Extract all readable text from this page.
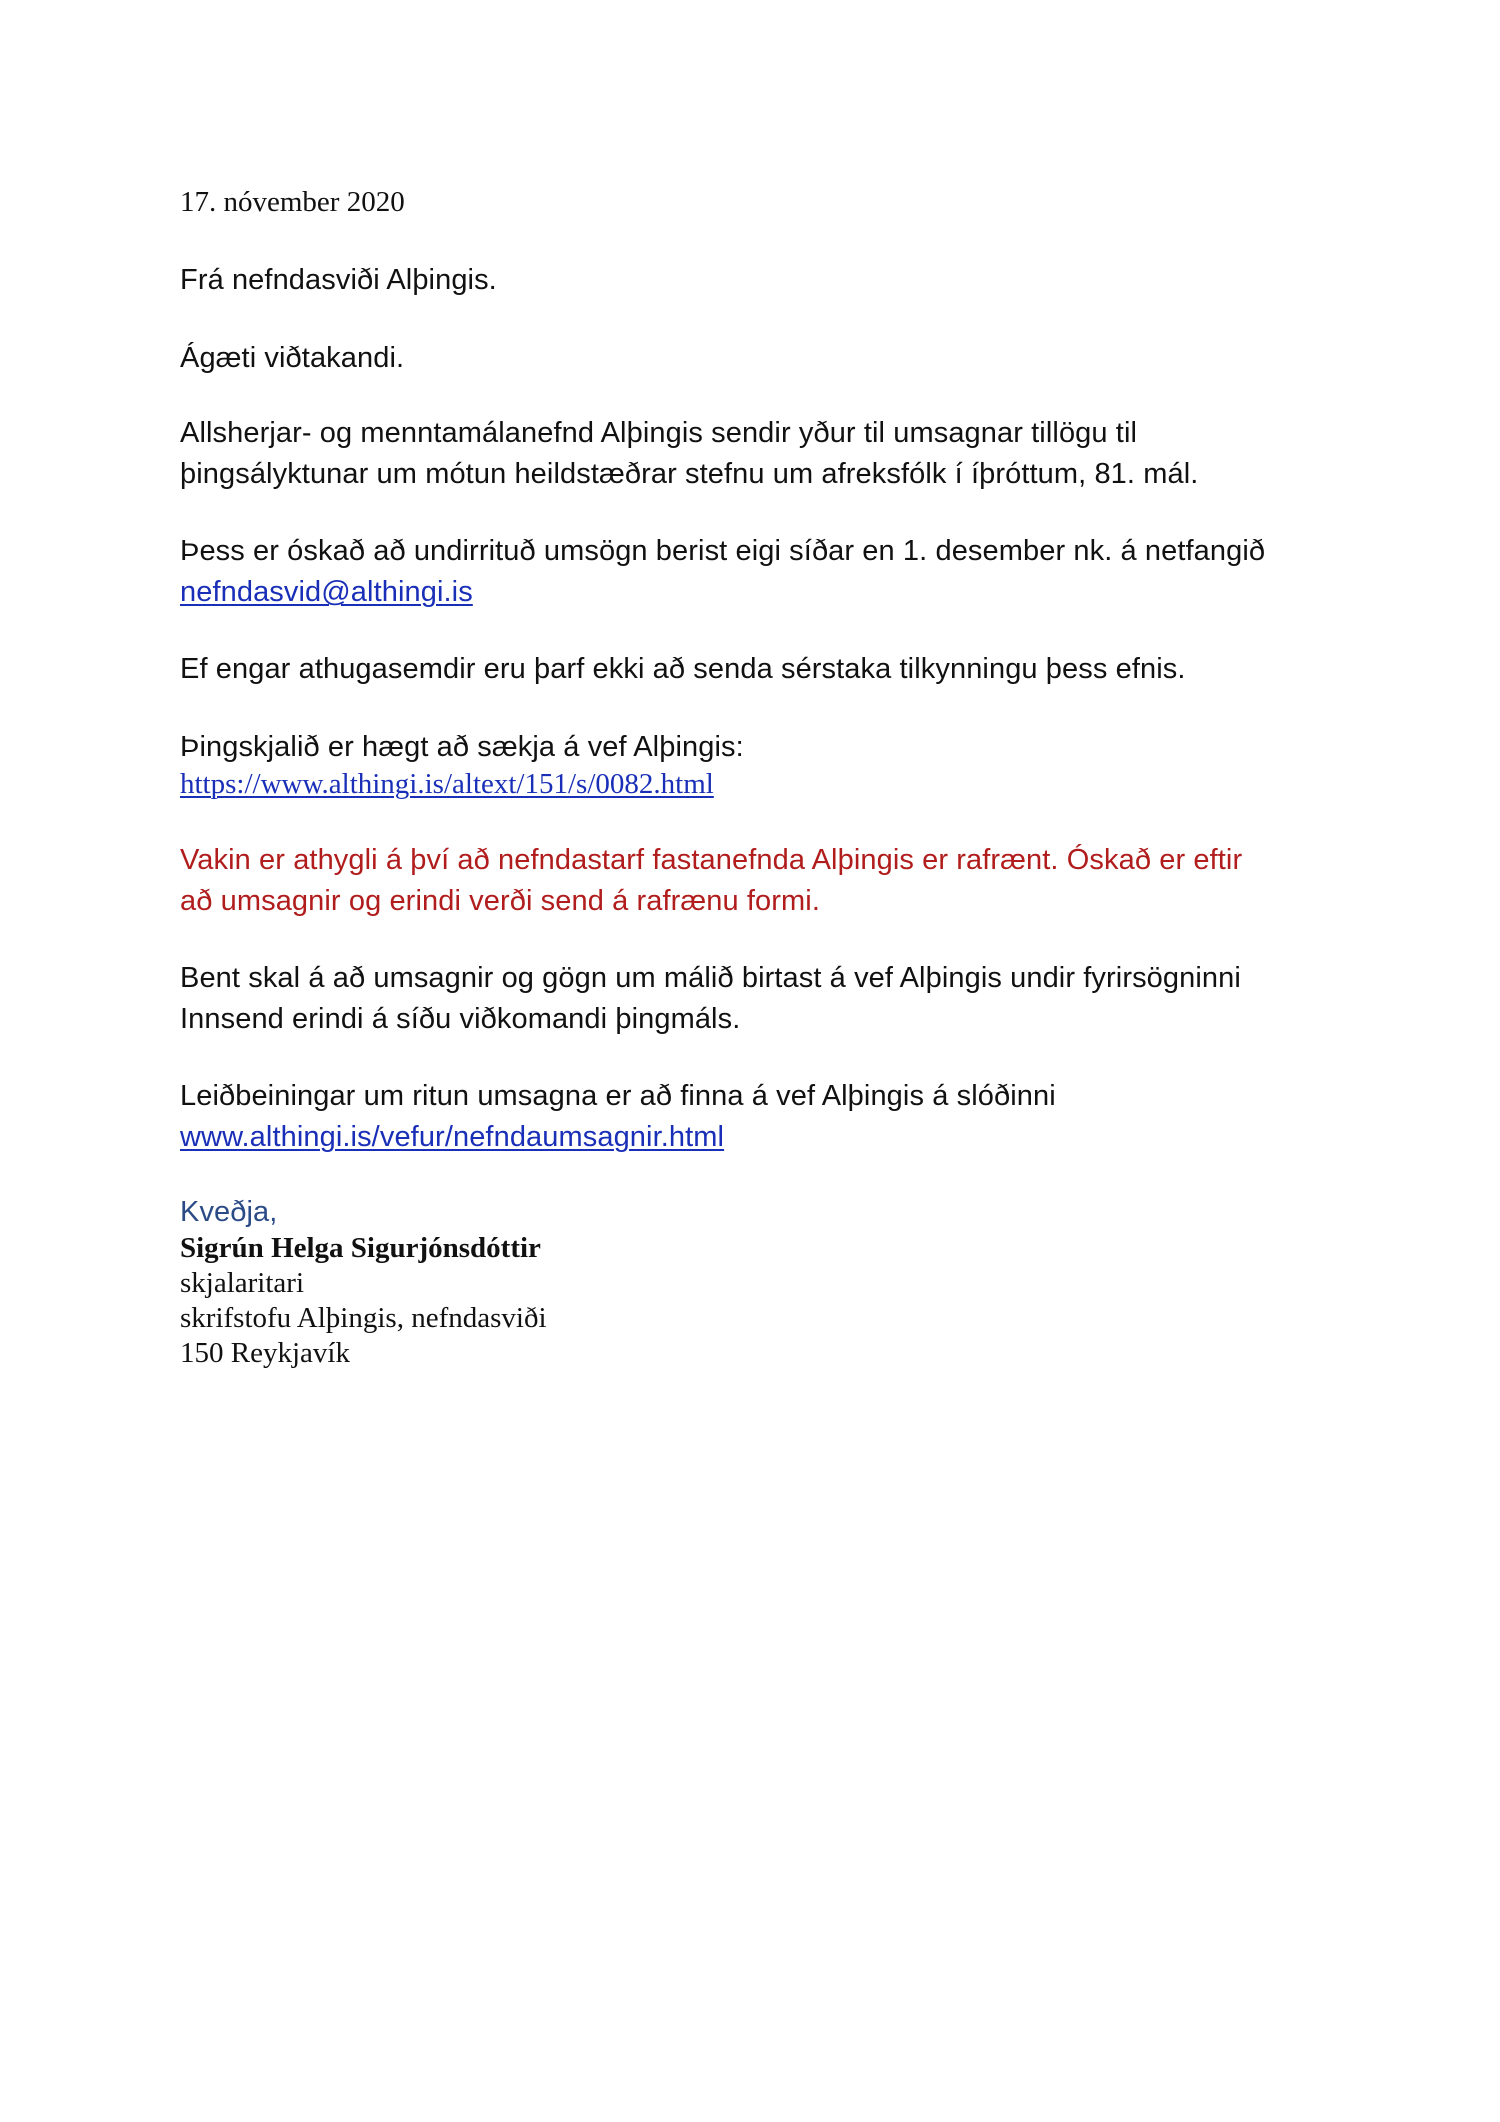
17. nóvember 2020

Frá nefndasviði Alþingis.

Ágæti viðtakandi.

Allsherjar- og menntamálanefnd Alþingis sendir yður til umsagnar tillögu til

þingsályktunar um mótun heildstæðrar stefnu um afreksfólk í íþróttum, 81. mál.

Þess er óskað að undirrituð umsögn berist eigi síðar en 1. desember nk. á netfangið

nefndasvid@althingi.is

Ef engar athugasemdir eru þarf ekki að senda sérstaka tilkynningu þess efnis.

Þingskjalið er hægt að sækja á vef Alþingis:

https://www.althingi.is/altext/151/s/0082.html

Vakin er athygli á því að nefndastarf fastanefnda Alþingis er rafrænt. Óskað er eftir

að umsagnir og erindi verði send á rafrænu formi.

Bent skal á að umsagnir og gögn um málið birtast á vef Alþingis undir fyrirsögninni

Innsend erindi á síðu viðkomandi þingmáls.

Leiðbeiningar um ritun umsagna er að finna á vef Alþingis á slóðinni

www.althingi.is/vefur/nefndaumsagnir.html

Kveðja,

Sigrún Helga Sigurjónsdóttir

skjalaritari

skrifstofu Alþingis, nefndasviði

150 Reykjavík
